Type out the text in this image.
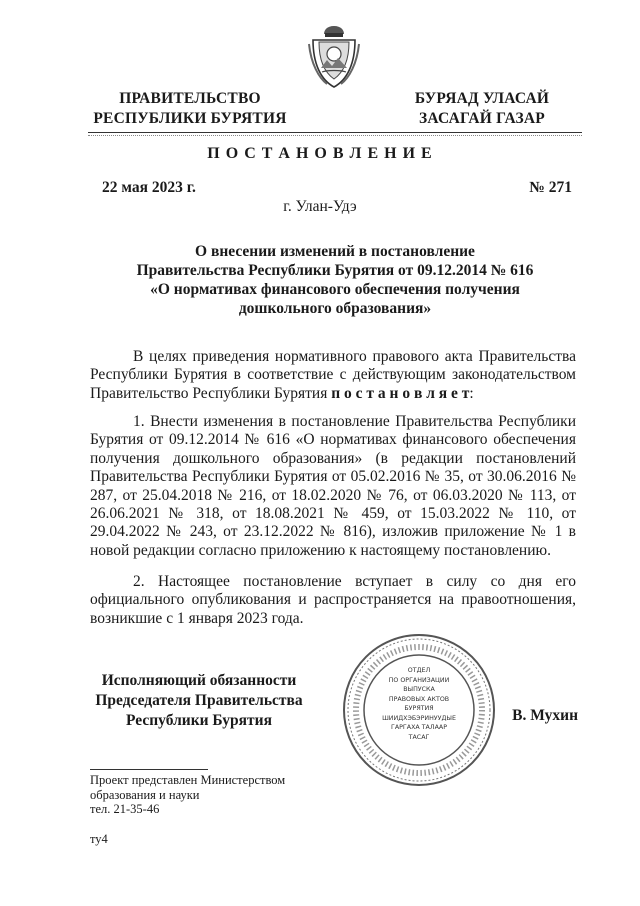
ПРАВИТЕЛЬСТВО
РЕСПУБЛИКИ БУРЯТИЯ
БУРЯАД УЛАСАЙ
ЗАСАГАЙ ГАЗАР
П О С Т А Н О В Л Е Н И Е
22 мая 2023 г.	№ 271
г. Улан-Удэ
О внесении изменений в постановление
Правительства Республики Бурятия от 09.12.2014 № 616
«О нормативах финансового обеспечения получения
дошкольного образования»
В целях приведения нормативного правового акта Правительства Республики Бурятия в соответствие с действующим законодательством Правительство Республики Бурятия п о с т а н о в л я е т:
1. Внести изменения в постановление Правительства Республики Бурятия от 09.12.2014 № 616 «О нормативах финансового обеспечения получения дошкольного образования» (в редакции постановлений Правительства Республики Бурятия от 05.02.2016 № 35, от 30.06.2016 № 287, от 25.04.2018 № 216, от 18.02.2020 № 76, от 06.03.2020 № 113, от 26.06.2021 № 318, от 18.08.2021 № 459, от 15.03.2022 № 110, от 29.04.2022 № 243, от 23.12.2022 № 816), изложив приложение № 1 в новой редакции согласно приложению к настоящему постановлению.
2. Настоящее постановление вступает в силу со дня его официального опубликования и распространяется на правоотношения, возникшие с 1 января 2023 года.
Исполняющий обязанности
Председателя Правительства
Республики Бурятия	В. Мухин
ОТДЕЛ
ПО ОРГАНИЗАЦИИ
ВЫПУСКА
ПРАВОВЫХ АКТОВ
БУРЯТИЯ
ШИИДХЭБЭРИНУУДЫЕ
ГАРГАХА ТАЛААР
ТАСАГ
Проект представлен Министерством
образования и науки
тел. 21-35-46
ту4
